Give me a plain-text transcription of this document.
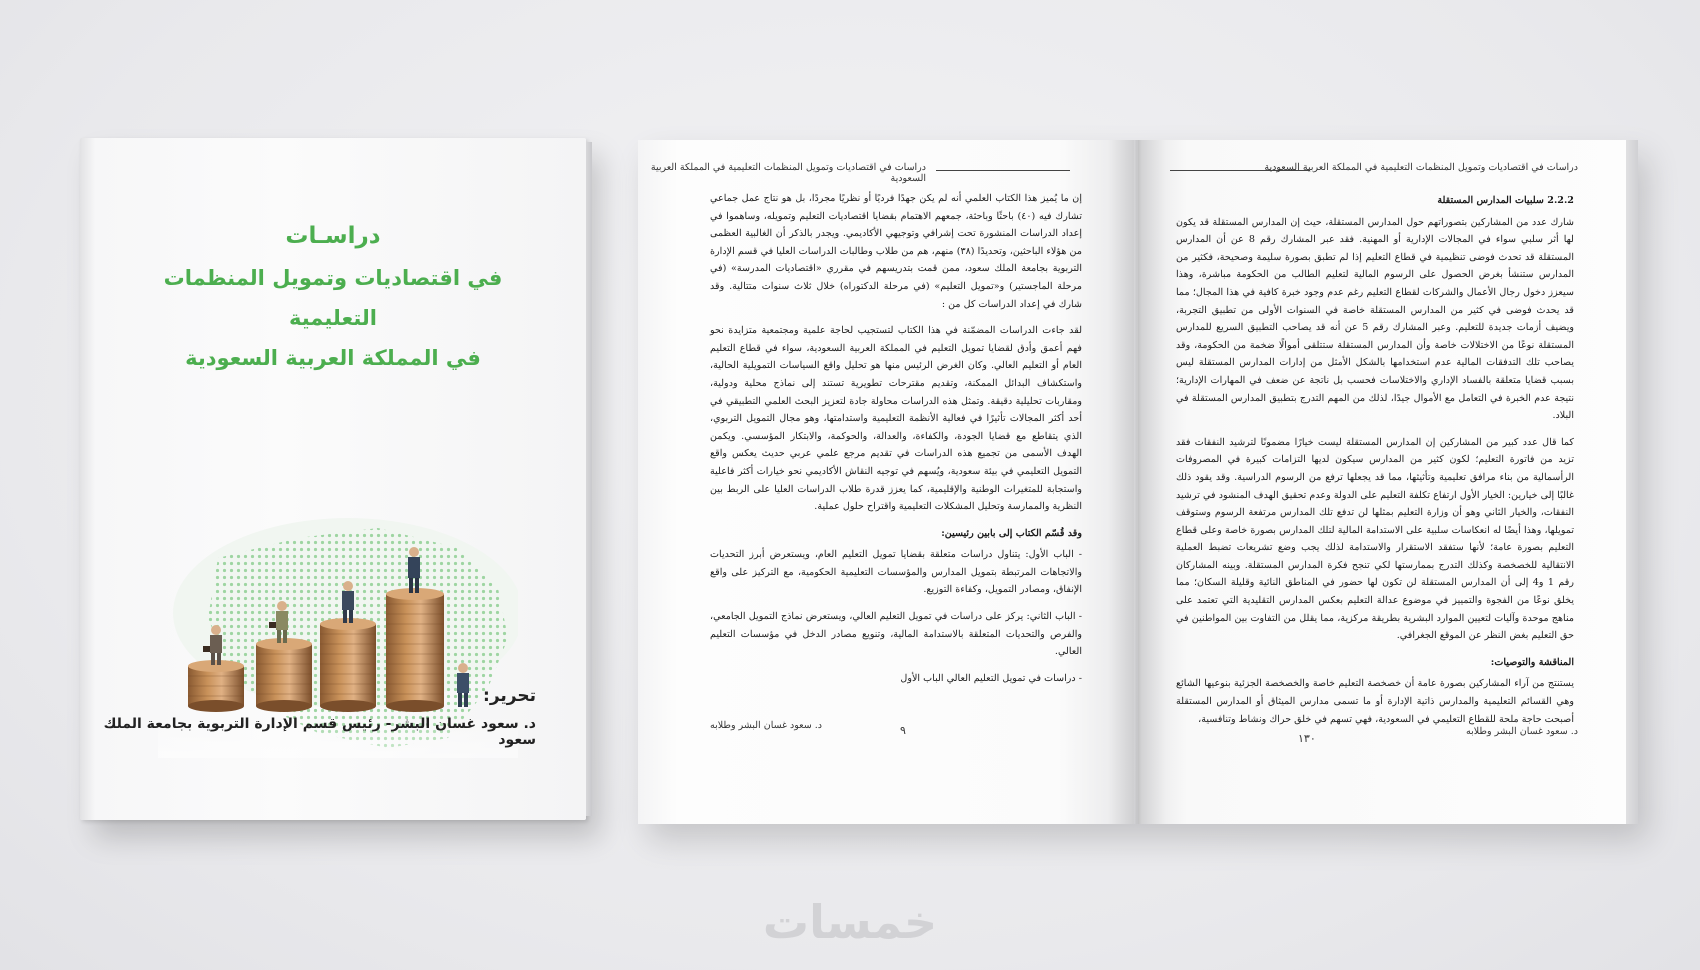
دراسـات
في اقتصاديات وتمويل المنظمات التعليمية
في المملكة العربية السعودية
تحرير:
د. سعود غسان البشر- رئيس قسم الإدارة التربوية بجامعة الملك سعود
دراسات في اقتصاديات وتمويل المنظمات التعليمية في المملكة العربية السعودية

إن ما يُميز هذا الكتاب العلمي أنه لم يكن جهدًا فرديًا أو نظريًا مجردًا، بل هو نتاج عمل جماعي تشارك فيه (٤٠) باحثًا وباحثة، جمعهم الاهتمام بقضايا اقتصاديات التعليم وتمويله، وساهموا في إعداد الدراسات المنشورة تحت إشرافي وتوجيهي الأكاديمي. ويجدر بالذكر أن الغالبية العظمى من هؤلاء الباحثين، وتحديدًا (٣٨) منهم، هم من طلاب وطالبات الدراسات العليا في قسم الإدارة التربوية بجامعة الملك سعود، ممن قمت بتدريسهم في مقرري «اقتصاديات المدرسة» (في مرحلة الماجستير) و«تمويل التعليم» (في مرحلة الدكتوراه) خلال ثلاث سنوات متتالية. وقد شارك في إعداد الدراسات كل من :

لقد جاءت الدراسات المضمّنة في هذا الكتاب لتستجيب لحاجة علمية ومجتمعية متزايدة نحو فهم أعمق وأدق لقضايا تمويل التعليم في المملكة العربية السعودية، سواء في قطاع التعليم العام أو التعليم العالي. وكان الغرض الرئيس منها هو تحليل واقع السياسات التمويلية الحالية، واستكشاف البدائل الممكنة، وتقديم مقترحات تطويرية تستند إلى نماذج محلية ودولية، ومقاربات تحليلية دقيقة. وتمثل هذه الدراسات محاولة جادة لتعزيز البحث العلمي التطبيقي في أحد أكثر المجالات تأثيرًا في فعالية الأنظمة التعليمية واستدامتها، وهو مجال التمويل التربوي، الذي يتقاطع مع قضايا الجودة، والكفاءة، والعدالة، والحوكمة، والابتكار المؤسسي. ويكمن الهدف الأسمى من تجميع هذه الدراسات في تقديم مرجع علمي عربي حديث يعكس واقع التمويل التعليمي في بيئة سعودية، ويُسهم في توجيه النقاش الأكاديمي نحو خيارات أكثر فاعلية واستجابة للمتغيرات الوطنية والإقليمية، كما يعزز قدرة طلاب الدراسات العليا على الربط بين النظرية والممارسة وتحليل المشكلات التعليمية واقتراح حلول عملية.

وقد قُسّم الكتاب إلى بابين رئيسين:

- الباب الأول: يتناول دراسات متعلقة بقضايا تمويل التعليم العام، ويستعرض أبرز التحديات والاتجاهات المرتبطة بتمويل المدارس والمؤسسات التعليمية الحكومية، مع التركيز على واقع الإنفاق، ومصادر التمويل، وكفاءة التوزيع.

- الباب الثاني: يركز على دراسات في تمويل التعليم العالي، ويستعرض نماذج التمويل الجامعي، والفرص والتحديات المتعلقة بالاستدامة المالية، وتنويع مصادر الدخل في مؤسسات التعليم العالي.

- دراسات في تمويل التعليم العالي الباب الأول

د. سعود غسان البشر وطلابه	٩
دراسات في اقتصاديات وتمويل المنظمات التعليمية في المملكة العربية السعودية

2.2.2 سلبيات المدارس المستقلة

شارك عدد من المشاركين بتصوراتهم حول المدارس المستقلة، حيث إن المدارس المستقلة قد يكون لها أثر سلبي سواء في المجالات الإدارية أو المهنية. فقد عبر المشارك رقم 8 عن أن المدارس المستقلة قد تحدث فوضى تنظيمية في قطاع التعليم إذا لم تطبق بصورة سليمة وصحيحة، فكثير من المدارس ستنشأ بغرض الحصول على الرسوم المالية لتعليم الطالب من الحكومة مباشرة، وهذا سيعزز دخول رجال الأعمال والشركات لقطاع التعليم رغم عدم وجود خبرة كافية في هذا المجال؛ مما قد يحدث فوضى في كثير من المدارس المستقلة خاصة في السنوات الأولى من تطبيق التجربة، ويضيف أزمات جديدة للتعليم. وعبر المشارك رقم 5 عن أنه قد يصاحب التطبيق السريع للمدارس المستقلة نوعًا من الاختلالات خاصة وأن المدارس المستقلة ستتلقى أموالًا ضخمة من الحكومة، وقد يصاحب تلك التدفقات المالية عدم استخدامها بالشكل الأمثل من إدارات المدارس المستقلة ليس بسبب قضايا متعلقة بالفساد الإداري والاختلاسات فحسب بل ناتجة عن ضعف في المهارات الإدارية؛ نتيجة عدم الخبرة في التعامل مع الأموال جيدًا، لذلك من المهم التدرج بتطبيق المدارس المستقلة في البلاد.

كما قال عدد كبير من المشاركين إن المدارس المستقلة ليست خيارًا مضمونًا لترشيد النفقات فقد تزيد من فاتورة التعليم؛ لكون كثير من المدارس سيكون لديها التزامات كبيرة في المصروفات الرأسمالية من بناء مرافق تعليمية وتأثيثها، مما قد يجعلها ترفع من الرسوم الدراسية. وقد يقود ذلك غالبًا إلى خيارين: الخيار الأول ارتفاع تكلفة التعليم على الدولة وعدم تحقيق الهدف المنشود في ترشيد النفقات، والخيار الثاني وهو أن وزارة التعليم بمثلها لن تدفع تلك المدارس مرتفعة الرسوم وستوقف تمويلها، وهذا أيضًا له انعكاسات سلبية على الاستدامة المالية لتلك المدارس بصورة خاصة وعلى قطاع التعليم بصورة عامة؛ لأنها ستفقد الاستقرار والاستدامة لذلك يجب وضع تشريعات تضبط العملية الانتقالية للخصخصة وكذلك التدرج بممارستها لكي تنجح فكرة المدارس المستقلة. وبينه المشاركان رقم 1 و4 إلى أن المدارس المستقلة لن تكون لها حضور في المناطق النائية وقليلة السكان؛ مما يخلق نوعًا من الفجوة والتمييز في موضوع عدالة التعليم بعكس المدارس التقليدية التي تعتمد على مناهج موحدة وآليات لتعيين الموارد البشرية بطريقة مركزية، مما يقلل من التفاوت بين المواطنين في حق التعليم بغض النظر عن الموقع الجغرافي.

المناقشة والتوصيات:

يستنتج من آراء المشاركين بصورة عامة أن خصخصة التعليم خاصة والخصخصة الجزئية بنوعيها الشائع وهي القسائم التعليمية والمدارس ذاتية الإدارة أو ما تسمى مدارس الميثاق أو المدارس المستقلة أصبحت حاجة ملحة للقطاع التعليمي في السعودية، فهي تسهم في خلق حراك ونشاط وتنافسية،

د. سعود غسان البشر وطلابه
١٣٠
خمسات
